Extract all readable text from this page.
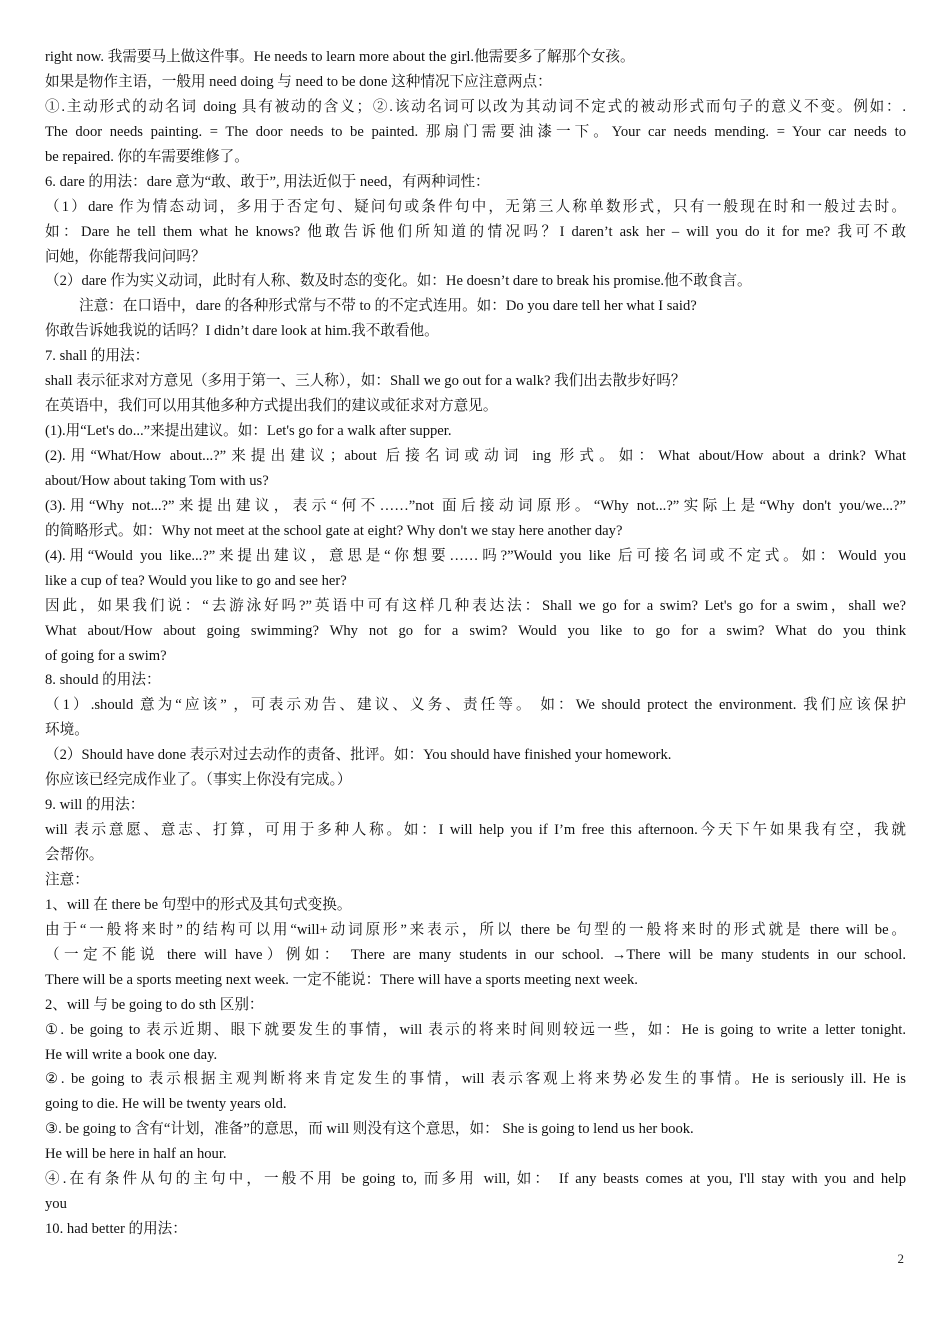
right now. 我需要马上做这件事。He needs to learn more about the girl.他需要多了解那个女孩。
如果是物作主语，一般用 need doing 与 need to be done 这种情况下应注意两点：
①.主动形式的动名词 doing 具有被动的含义；②.该动名词可以改为其动词不定式的被动形式而句子的意义不变。例如：.
The door needs painting. = The door needs to be painted. 那扇门需要油漆一下。Your car needs mending. = Your car needs to
be repaired. 你的车需要维修了。
6. dare 的用法：dare 意为“敢、敢于”, 用法近似于 need，有两种词性：
（1）dare 作为情态动词，多用于否定句、疑问句或条件句中，无第三人称单数形式，只有一般现在时和一般过去时。
如：Dare he tell them what he knows? 他敢告诉他们所知道的情况吗？I daren’t ask her – will you do it for me? 我可不敢
问她，你能帮我问问吗？
（2）dare 作为实义动词，此时有人称、数及时态的变化。如：He doesn’t dare to break his promise.他不敢食言。
注意：在口语中，dare 的各种形式常与不带 to 的不定式连用。如：Do you dare tell her what I said?
你敢告诉她我说的话吗？I didn’t dare look at him.我不敢看他。
7. shall 的用法：
shall 表示征求对方意见（多用于第一、三人称），如：Shall we go out for a walk? 我们出去散步好吗？
在英语中，我们可以用其他多种方式提出我们的建议或征求对方意见。
(1).用“Let's do...”来提出建议。如：Let's go for a walk after supper.
(2).用“What/How about...?”来提出建议；about 后接名词或动词 ing 形式。如：What about/How about a drink? What
about/How about taking Tom with us?
(3).用“Why not...?”来提出建议，表示“何不……”not 面后接动词原形。“Why not...?”实际上是“Why don't you/we...?”
的简略形式。如：Why not meet at the school gate at eight? Why don't we stay here another day?
(4).用“Would you like...?”来提出建议，意思是“你想要……吗?”Would you like 后可接名词或不定式。如：Would you
like a cup of tea? Would you like to go and see her?
因此，如果我们说：“去游泳好吗?”英语中可有这样几种表达法：Shall we go for a swim? Let's go for a swim，shall we?
What about/How about going swimming? Why not go for a swim? Would you like to go for a swim? What do you think
of going for a swim?
8. should 的用法：
（1）.should 意为“应该” ，可表示劝告、建议、义务、责任等。 如：We should protect the environment. 我们应该保护
环境。
（2）Should have done 表示对过去动作的责备、批评。如：You should have finished your homework.
你应该已经完成作业了。（事实上你没有完成。）
9. will 的用法：
will 表示意愿、意志、打算，可用于多种人称。如：I will help you if I’m free this afternoon.今天下午如果我有空，我就
会帮你。
注意：
1、will 在 there be 句型中的形式及其句式变换。
由于“一般将来时”的结构可以用“will+动词原形”来表示，所以 there be 句型的一般将来时的形式就是 there will be。
（一定不能说 there will have）例如： There are many students in our school. →There will be many students in our school.
There will be a sports meeting next week. 一定不能说：There will have a sports meeting next week.
2、will 与 be going to do sth 区别：
①. be going to 表示近期、眼下就要发生的事情，will 表示的将来时间则较远一些，如：He is going to write a letter tonight.
He will write a book one day.
②. be going to 表示根据主观判断将来肯定发生的事情，will 表示客观上将来势必发生的事情。He is seriously ill. He is
going to die. He will be twenty years old.
③. be going to 含有“计划，准备”的意思，而 will 则没有这个意思，如： She is going to lend us her book.
He will be here in half an hour.
④.在有条件从句的主句中，一般不用 be going to, 而多用 will, 如： If any beasts comes at you, I'll stay with you and help
you
10. had better 的用法：
2
